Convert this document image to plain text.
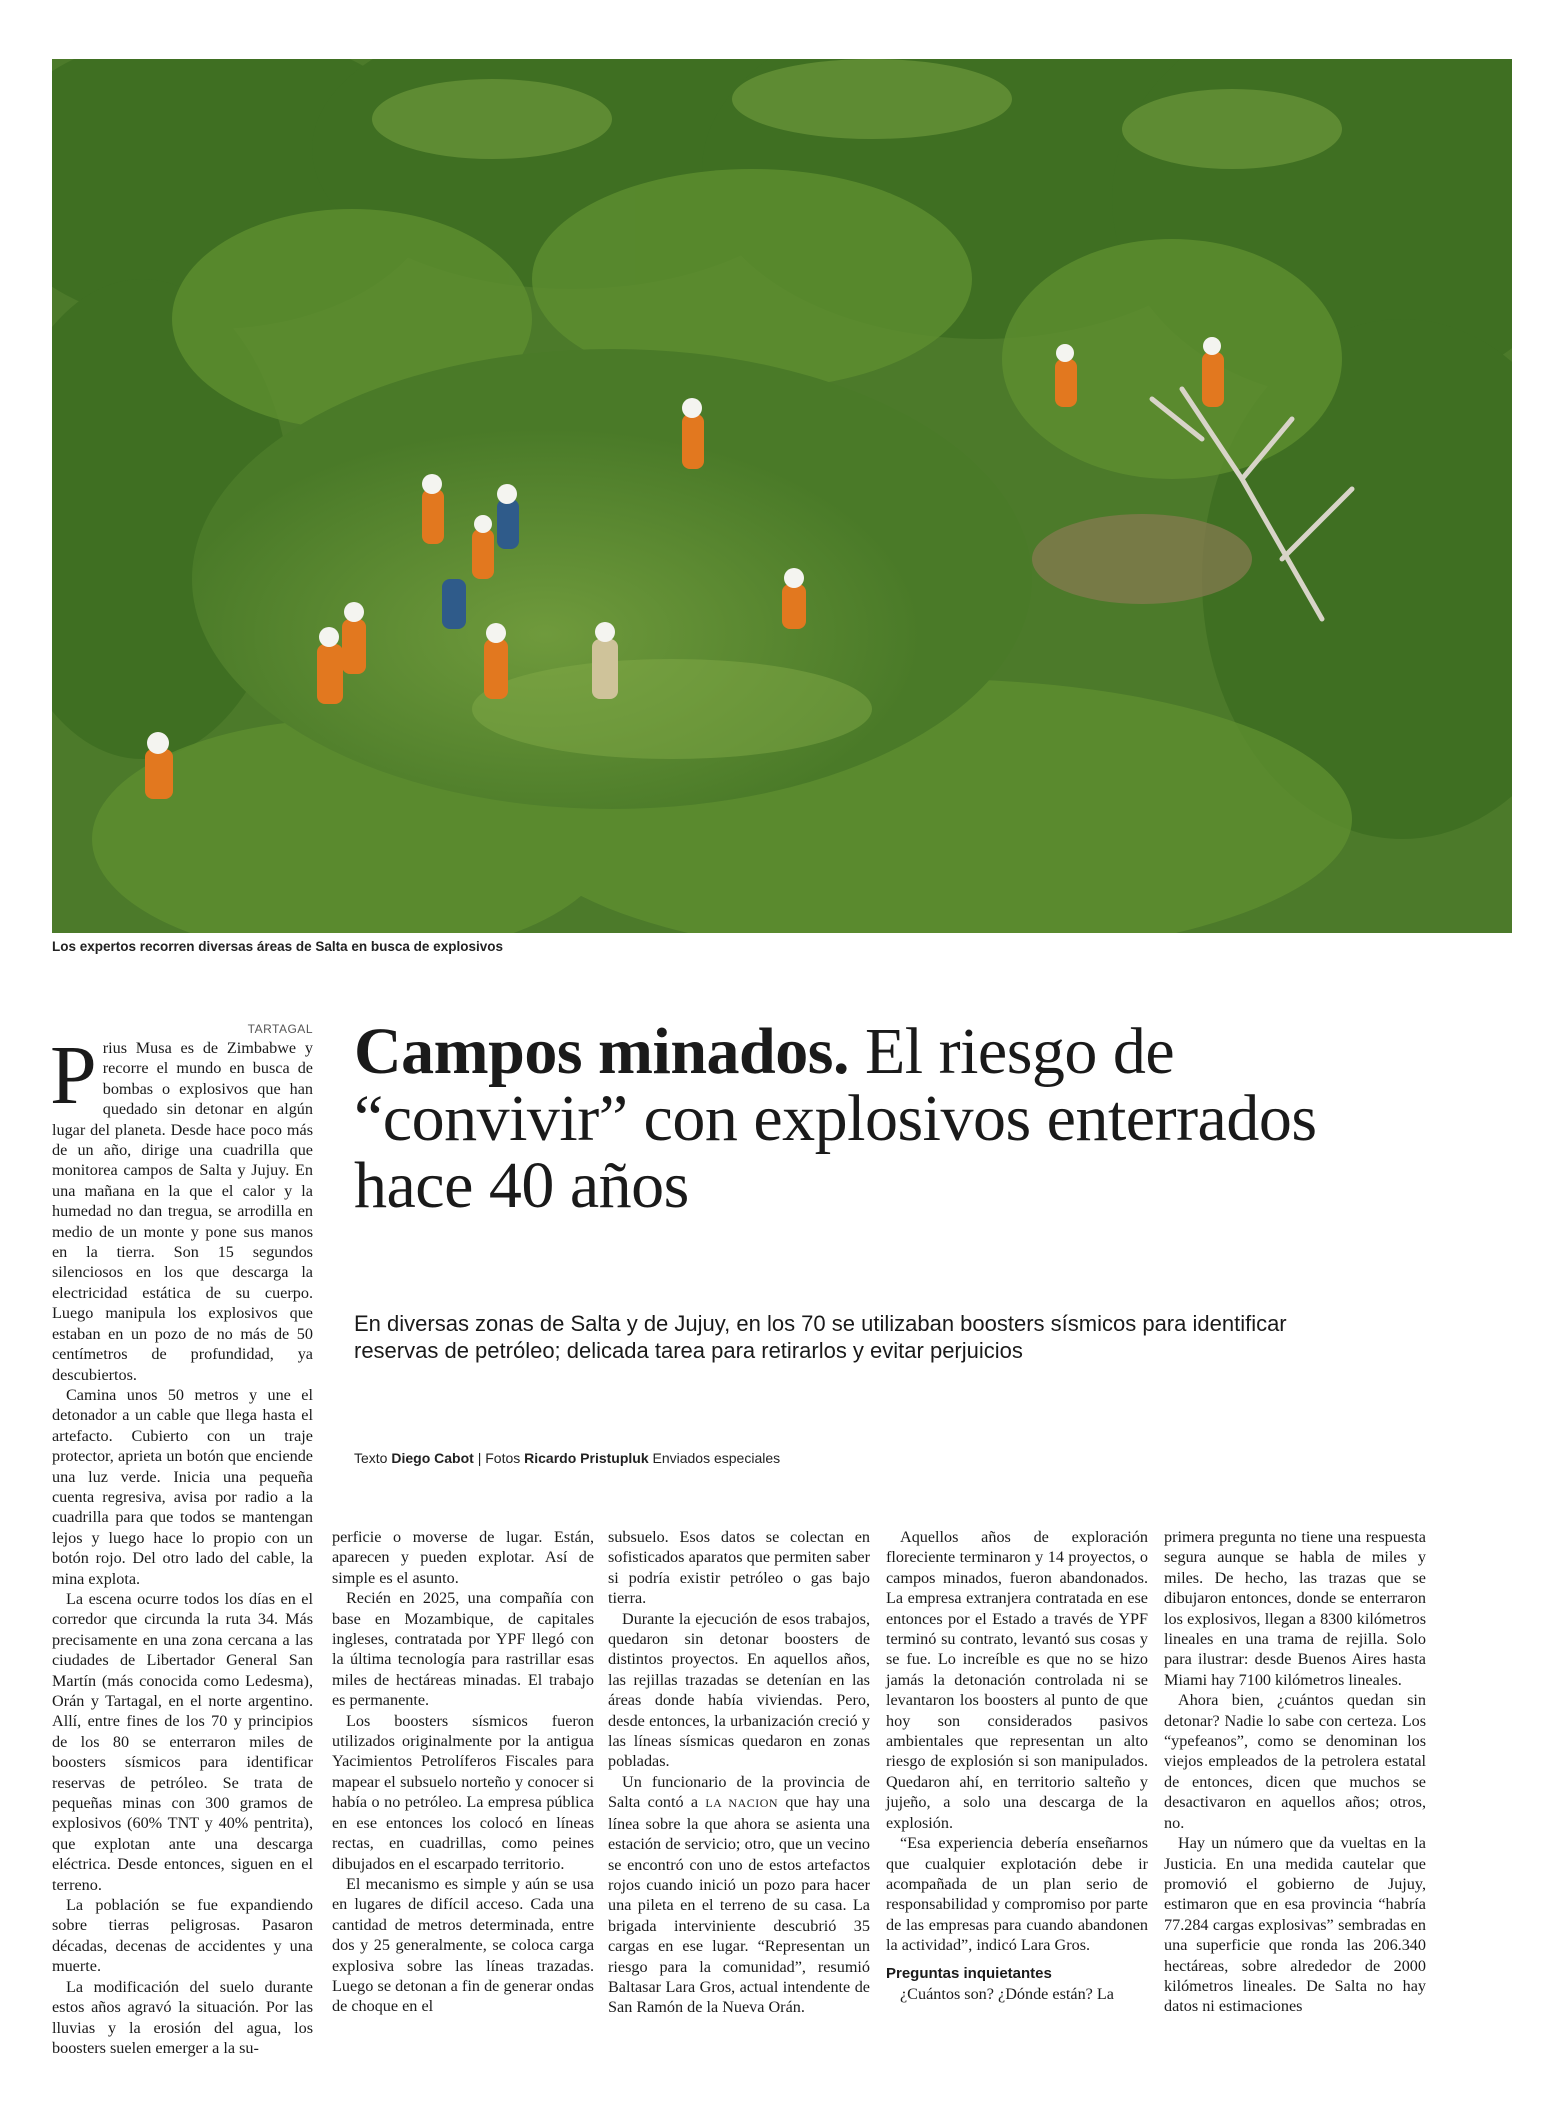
Los expertos recorren diversas áreas de Salta en busca de explosivos
TARTAGAL Campos minados. El riesgo de “convivir” con explosivos enterrados hace 40 años
En diversas zonas de Salta y de Jujuy, en los 70 se utilizaban boosters sísmicos para identificar reservas de petróleo; delicada tarea para retirarlos y evitar perjuicios
Texto Diego Cabot | Fotos Ricardo Pristupluk Enviados especiales

Prius Musa es de Zimbabwe y recorre el mundo en busca de bombas o explosivos que han quedado sin detonar en algún lugar del planeta. Desde hace poco más de un año, dirige una cuadrilla que monitorea campos de Salta y Jujuy. En una mañana en la que el calor y la humedad no dan tregua, se arrodilla en medio de un monte y pone sus manos en la tierra. Son 15 segundos silenciosos en los que descarga la electricidad estática de su cuerpo. Luego manipula los explosivos que estaban en un pozo de no más de 50 centímetros de profundidad, ya descubiertos.

Camina unos 50 metros y une el detonador a un cable que llega hasta el artefacto. Cubierto con un traje protector, aprieta un botón que enciende una luz verde. Inicia una pequeña cuenta regresiva, avisa por radio a la cuadrilla para que todos se mantengan lejos y luego hace lo propio con un botón rojo. Del otro lado del cable, la mina explota.

La escena ocurre todos los días en el corredor que circunda la ruta 34. Más precisamente en una zona cercana a las ciudades de Libertador General San Martín (más conocida como Ledesma), Orán y Tartagal, en el norte argentino. Allí, entre fines de los 70 y principios de los 80 se enterraron miles de boosters sísmicos para identificar reservas de petróleo. Se trata de pequeñas minas con 300 gramos de explosivos (60% TNT y 40% pentrita), que explotan ante una descarga eléctrica. Desde entonces, siguen en el terreno.

La población se fue expandiendo sobre tierras peligrosas. Pasaron décadas, decenas de accidentes y una muerte.

La modificación del suelo durante estos años agravó la situación. Por las lluvias y la erosión del agua, los boosters suelen emerger a la su-

perficie o moverse de lugar. Están, aparecen y pueden explotar. Así de simple es el asunto.

Recién en 2025, una compañía con base en Mozambique, de capitales ingleses, contratada por YPF llegó con la última tecnología para rastrillar esas miles de hectáreas minadas. El trabajo es permanente.

Los boosters sísmicos fueron utilizados originalmente por la antigua Yacimientos Petrolíferos Fiscales para mapear el subsuelo norteño y conocer si había o no petróleo. La empresa pública en ese entonces los colocó en líneas rectas, en cuadrillas, como peines dibujados en el escarpado territorio.

El mecanismo es simple y aún se usa en lugares de difícil acceso. Cada una cantidad de metros determinada, entre dos y 25 generalmente, se coloca carga explosiva sobre las líneas trazadas. Luego se detonan a fin de generar ondas de choque en el

subsuelo. Esos datos se colectan en sofisticados aparatos que permiten saber si podría existir petróleo o gas bajo tierra.

Durante la ejecución de esos trabajos, quedaron sin detonar boosters de distintos proyectos. En aquellos años, las rejillas trazadas se detenían en las áreas donde había viviendas. Pero, desde entonces, la urbanización creció y las líneas sísmicas quedaron en zonas pobladas.

Un funcionario de la provincia de Salta contó a LA NACION que hay una línea sobre la que ahora se asienta una estación de servicio; otro, que un vecino se encontró con uno de estos artefactos rojos cuando inició un pozo para hacer una pileta en el terreno de su casa. La brigada interviniente descubrió 35 cargas en ese lugar. “Representan un riesgo para la comunidad”, resumió Baltasar Lara Gros, actual intendente de San Ramón de la Nueva Orán.

Aquellos años de exploración floreciente terminaron y 14 proyectos, o campos minados, fueron abandonados. La empresa extranjera contratada en ese entonces por el Estado a través de YPF terminó su contrato, levantó sus cosas y se fue. Lo increíble es que no se hizo jamás la detonación controlada ni se levantaron los boosters al punto de que hoy son considerados pasivos ambientales que representan un alto riesgo de explosión si son manipulados. Quedaron ahí, en territorio salteño y jujeño, a solo una descarga de la explosión.

“Esa experiencia debería enseñarnos que cualquier explotación debe ir acompañada de un plan serio de responsabilidad y compromiso por parte de las empresas para cuando abandonen la actividad”, indicó Lara Gros.

Preguntas inquietantes

¿Cuántos son? ¿Dónde están? La

primera pregunta no tiene una respuesta segura aunque se habla de miles y miles. De hecho, las trazas que se dibujaron entonces, donde se enterraron los explosivos, llegan a 8300 kilómetros lineales en una trama de rejilla. Solo para ilustrar: desde Buenos Aires hasta Miami hay 7100 kilómetros lineales.

Ahora bien, ¿cuántos quedan sin detonar? Nadie lo sabe con certeza. Los “ypefeanos”, como se denominan los viejos empleados de la petrolera estatal de entonces, dicen que muchos se desactivaron en aquellos años; otros, no.

Hay un número que da vueltas en la Justicia. En una medida cautelar que promovió el gobierno de Jujuy, estimaron que en esa provincia “habría 77.284 cargas explosivas” sembradas en una superficie que ronda las 206.340 hectáreas, sobre alrededor de 2000 kilómetros lineales. De Salta no hay datos ni estimaciones
